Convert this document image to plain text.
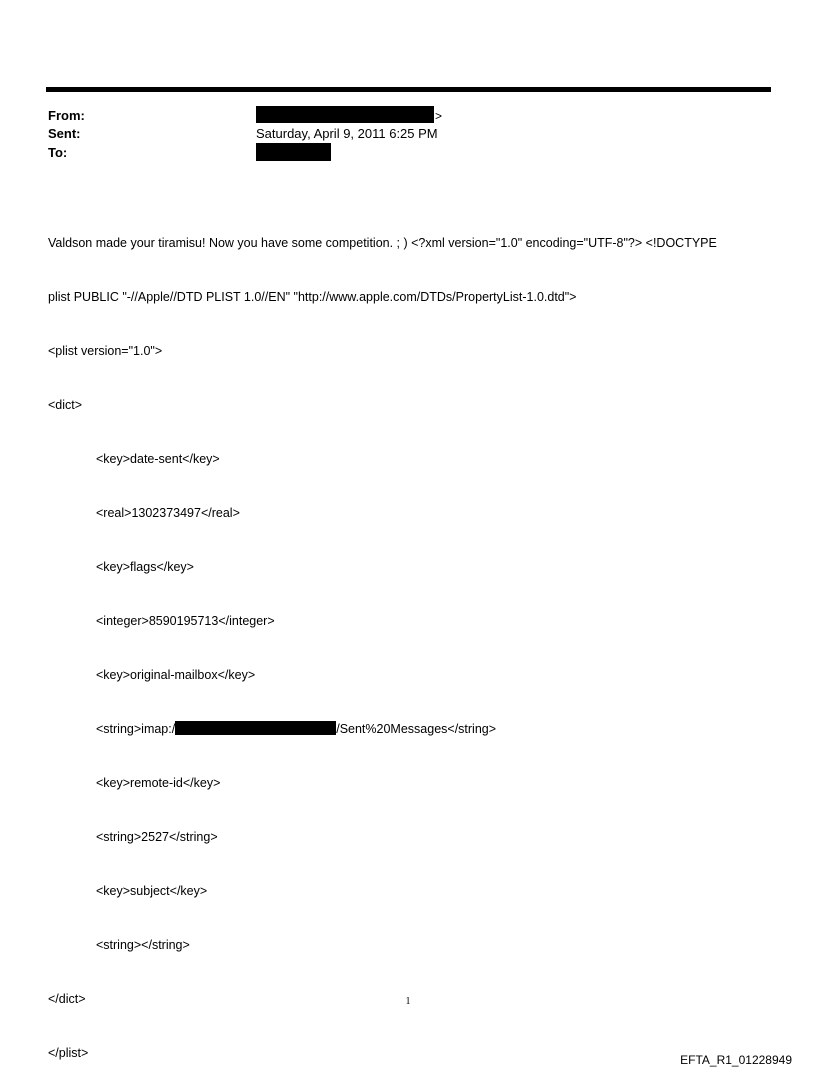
From:	>
Sent:	Saturday, April 9, 2011 6:25 PM
To:

Valdson made your tiramisu! Now you have some competition. ; ) <?xml version="1.0" encoding="UTF-8"?> <!DOCTYPE

plist PUBLIC "-//Apple//DTD PLIST 1.0//EN" "http://www.apple.com/DTDs/PropertyList-1.0.dtd">

<plist version="1.0">

<dict>

<key>date-sent</key>

<real>1302373497</real>

<key>flags</key>

<integer>8590195713</integer>

<key>original-mailbox</key>

<string>imap:/	/Sent%20Messages</string>

<key>remote-id</key>

<string>2527</string>

<key>subject</key>

<string></string>

</dict>

</plist>

1
EFTA_R1_01228949
